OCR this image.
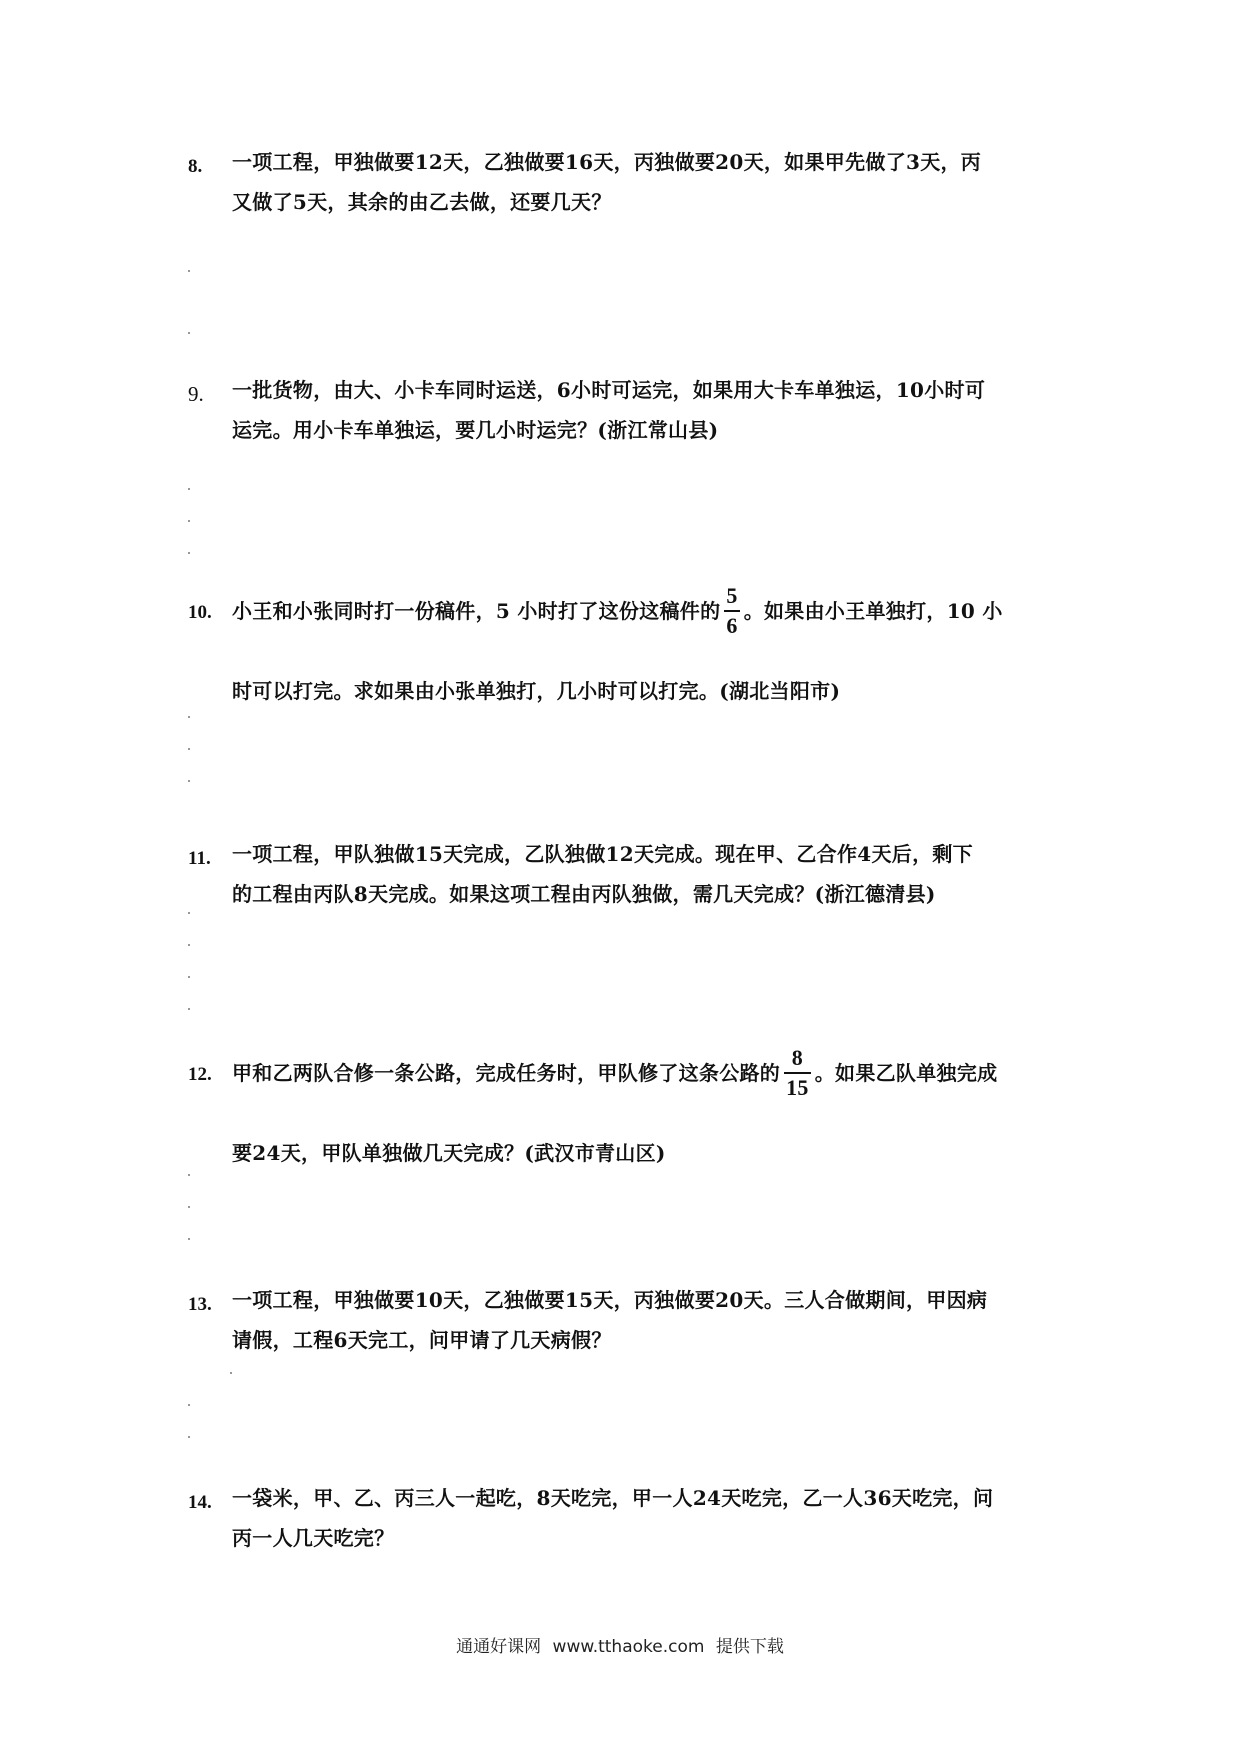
8. 一项工程，甲独做要12天，乙独做要16天，丙独做要20天，如果甲先做了3天，丙
又做了5天，其余的由乙去做，还要几天？
9. 一批货物，由大、小卡车同时运送，6小时可运完，如果用大卡车单独运，10小时可
运完。用小卡车单独运，要几小时运完？(浙江常山县)
10. 小王和小张同时打一份稿件，5 小时打了这份这稿件的 $\frac{5}{6}$ 。如果由小王单独打，10 小
时可以打完。求如果由小张单独打，几小时可以打完。(湖北当阳市)
11. 一项工程，甲队独做15天完成，乙队独做12天完成。现在甲、乙合作4天后，剩下
的工程由丙队8天完成。如果这项工程由丙队独做，需几天完成？(浙江德清县)
12. 甲和乙两队合修一条公路，完成任务时，甲队修了这条公路的 $\frac{8}{15}$ 。如果乙队单独完成
要24天，甲队单独做几天完成？(武汉市青山区)
13. 一项工程，甲独做要10天，乙独做要15天，丙独做要20天。三人合做期间，甲因病
请假，工程6天完工，问甲请了几天病假？
14. 一袋米，甲、乙、丙三人一起吃，8天吃完，甲一人24天吃完，乙一人36天吃完，问
丙一人几天吃完？
通通好课网 www.tthaoke.com 提供下载
